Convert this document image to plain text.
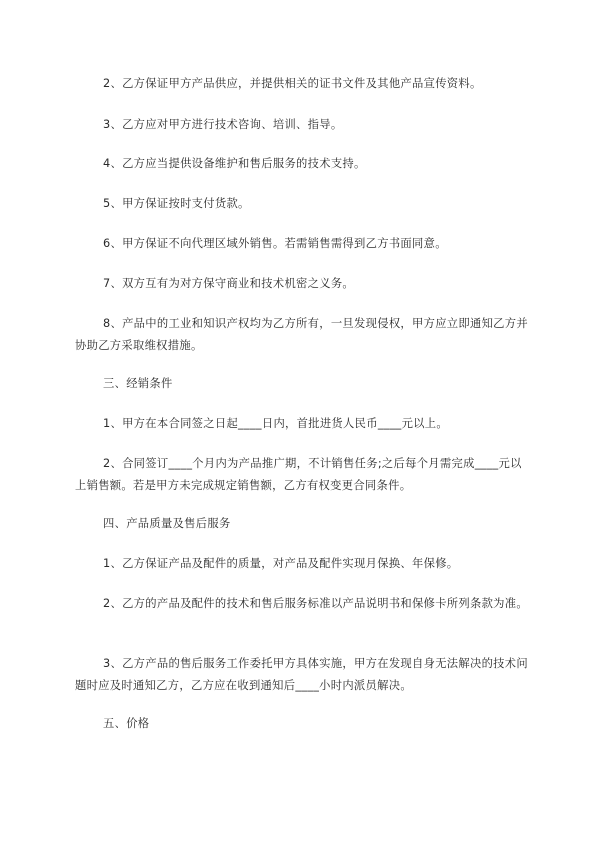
2、乙方保证甲方产品供应，并提供相关的证书文件及其他产品宣传资料。

3、乙方应对甲方进行技术咨询、培训、指导。

4、乙方应当提供设备维护和售后服务的技术支持。

5、甲方保证按时支付货款。

6、甲方保证不向代理区域外销售。若需销售需得到乙方书面同意。

7、双方互有为对方保守商业和技术机密之义务。

8、产品中的工业和知识产权均为乙方所有，一旦发现侵权，甲方应立即通知乙方并协助乙方采取维权措施。

三、经销条件

1、甲方在本合同签之日起____日内，首批进货人民币____元以上。

2、合同签订____个月内为产品推广期，不计销售任务;之后每个月需完成____元以上销售额。若是甲方未完成规定销售额，乙方有权变更合同条件。

四、产品质量及售后服务

1、乙方保证产品及配件的质量，对产品及配件实现月保换、年保修。

2、乙方的产品及配件的技术和售后服务标准以产品说明书和保修卡所列条款为准。

3、乙方产品的售后服务工作委托甲方具体实施，甲方在发现自身无法解决的技术问题时应及时通知乙方，乙方应在收到通知后____小时内派员解决。

五、价格
